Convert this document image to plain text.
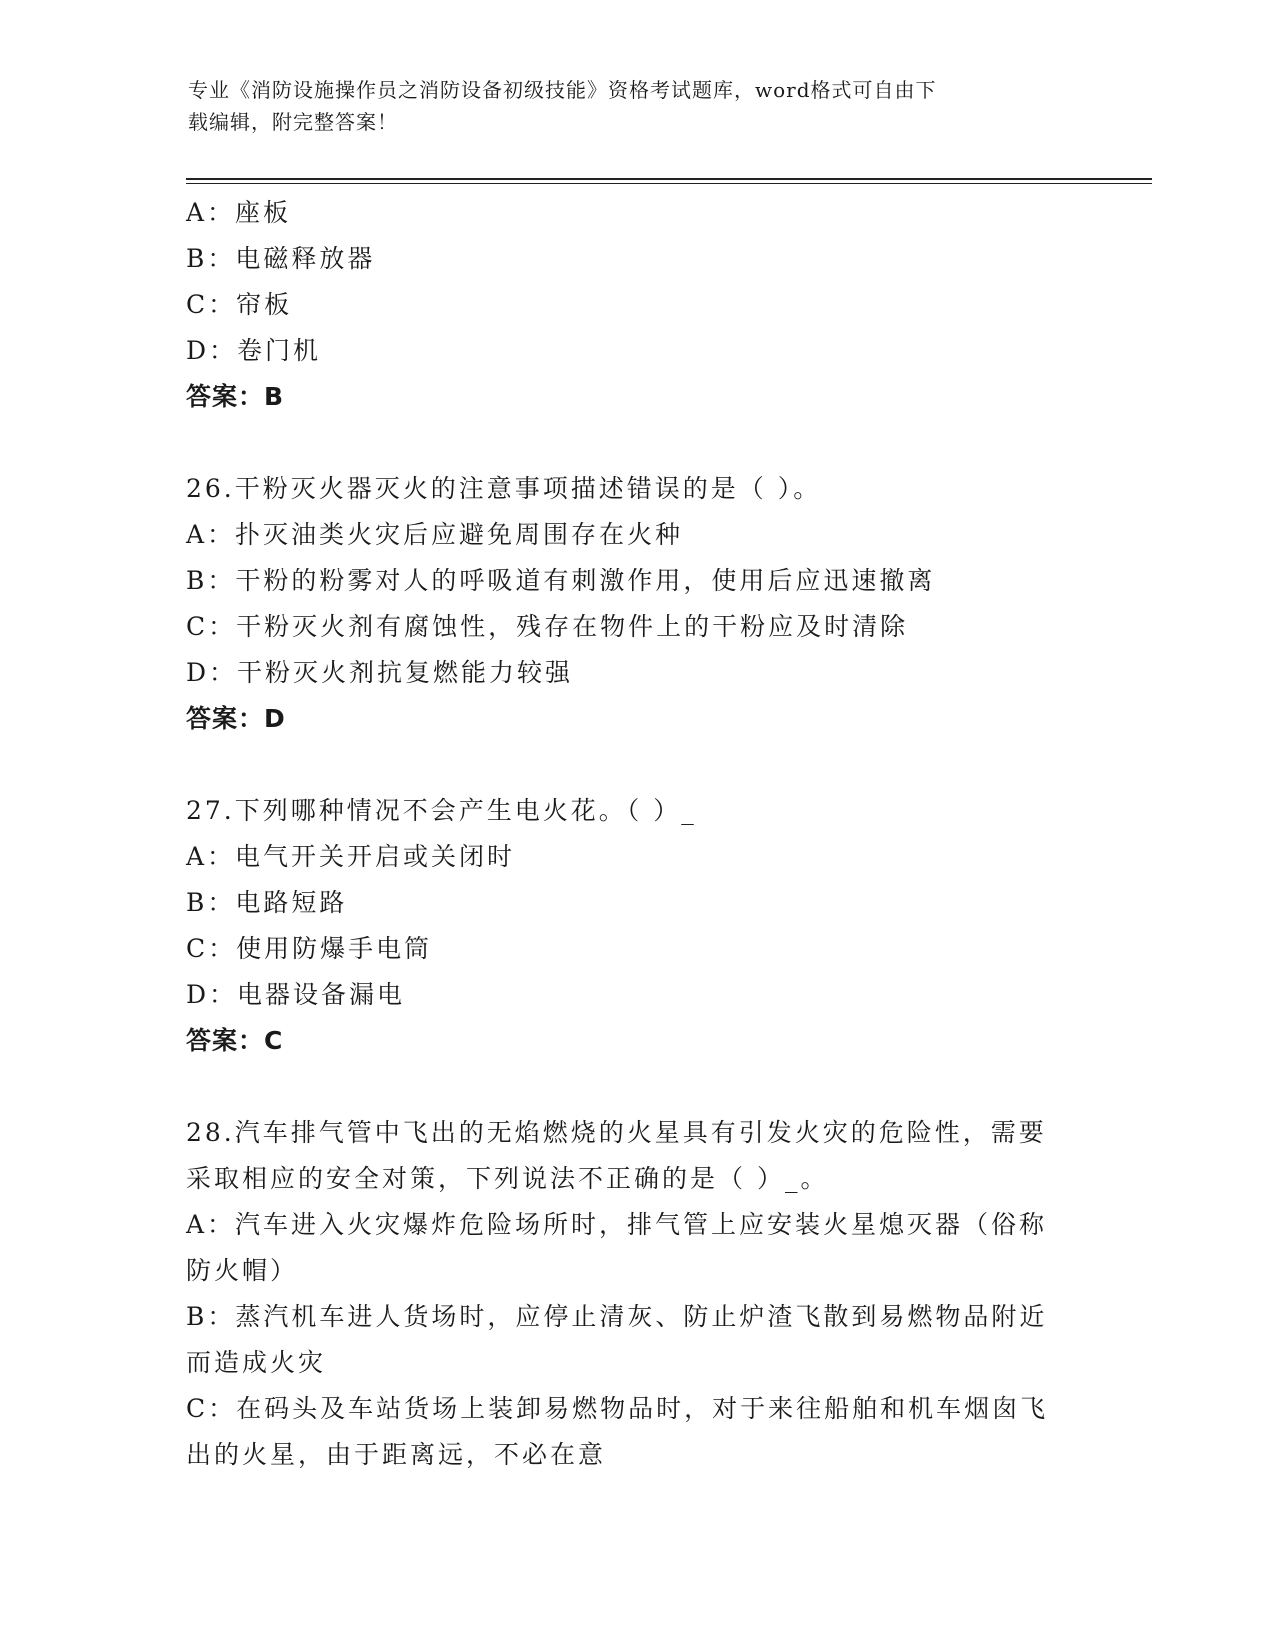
专业《消防设施操作员之消防设备初级技能》资格考试题库，word格式可自由下
载编辑，附完整答案！
A：座板
B：电磁释放器
C：帘板
D：卷门机
答案：B
26.干粉灭火器灭火的注意事项描述错误的是（ ）。
A：扑灭油类火灾后应避免周围存在火种
B：干粉的粉雾对人的呼吸道有刺激作用，使用后应迅速撤离
C：干粉灭火剂有腐蚀性，残存在物件上的干粉应及时清除
D：干粉灭火剂抗复燃能力较强
答案：D
27.下列哪种情况不会产生电火花。（ ）_
A：电气开关开启或关闭时
B：电路短路
C：使用防爆手电筒
D：电器设备漏电
答案：C
28.汽车排气管中飞出的无焰燃烧的火星具有引发火灾的危险性，需要
采取相应的安全对策，下列说法不正确的是（ ）_。
A：汽车进入火灾爆炸危险场所时，排气管上应安装火星熄灭器（俗称
防火帽）
B：蒸汽机车进人货场时，应停止清灰、防止炉渣飞散到易燃物品附近
而造成火灾
C：在码头及车站货场上装卸易燃物品时，对于来往船舶和机车烟囱飞
出的火星，由于距离远，不必在意
